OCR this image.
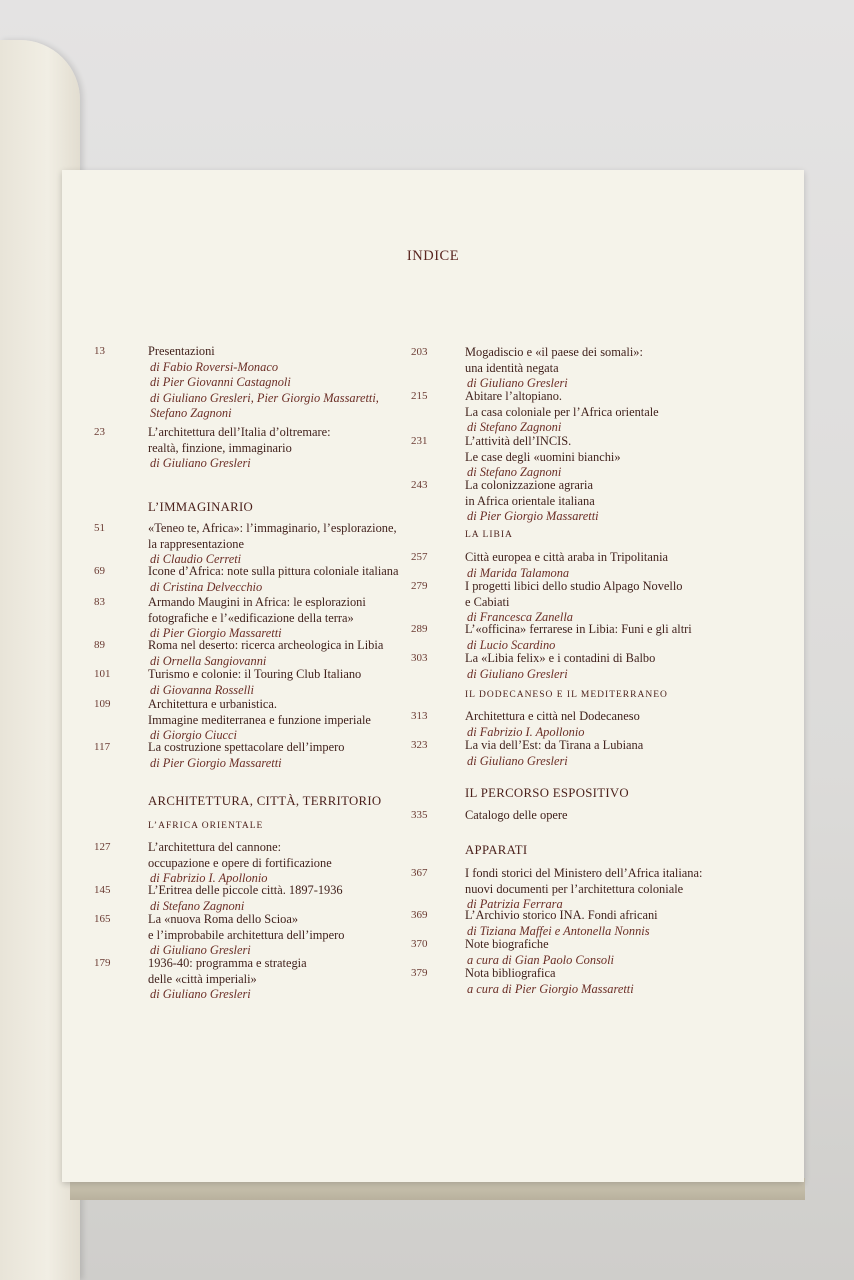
INDICE
L’IMMAGINARIO
ARCHITETTURA, CITTÀ, TERRITORIO
L’AFRICA ORIENTALE
LA LIBIA
IL DODECANESO E IL MEDITERRANEO
IL PERCORSO ESPOSITIVO
APPARATI
13	Presentazioni
di Fabio Roversi-Monaco
di Pier Giovanni Castagnoli
di Giuliano Gresleri, Pier Giorgio Massaretti,
Stefano Zagnoni
23	L’architettura dell’Italia d’oltremare:
realtà, finzione, immaginario
di Giuliano Gresleri
51	«Teneo te, Africa»: l’immaginario, l’esplorazione,
la rappresentazione
di Claudio Cerreti
69	Icone d’Africa: note sulla pittura coloniale italiana
di Cristina Delvecchio
83	Armando Maugini in Africa: le esplorazioni
fotografiche e l’«edificazione della terra»
di Pier Giorgio Massaretti
89	Roma nel deserto: ricerca archeologica in Libia
di Ornella Sangiovanni
101	Turismo e colonie: il Touring Club Italiano
di Giovanna Rosselli
109	Architettura e urbanistica.
Immagine mediterranea e funzione imperiale
di Giorgio Ciucci
117	La costruzione spettacolare dell’impero
di Pier Giorgio Massaretti
127	L’architettura del cannone:
occupazione e opere di fortificazione
di Fabrizio I. Apollonio
145	L’Eritrea delle piccole città. 1897-1936
di Stefano Zagnoni
165	La «nuova Roma dello Scioa»
e l’improbabile architettura dell’impero
di Giuliano Gresleri
179	1936-40: programma e strategia
delle «città imperiali»
di Giuliano Gresleri
203	Mogadiscio e «il paese dei somali»:
una identità negata
di Giuliano Gresleri
215	Abitare l’altopiano.
La casa coloniale per l’Africa orientale
di Stefano Zagnoni
231	L’attività dell’INCIS.
Le case degli «uomini bianchi»
di Stefano Zagnoni
243	La colonizzazione agraria
in Africa orientale italiana
di Pier Giorgio Massaretti
257	Città europea e città araba in Tripolitania
di Marida Talamona
279	I progetti libici dello studio Alpago Novello
e Cabiati
di Francesca Zanella
289	L’«officina» ferrarese in Libia: Funi e gli altri
di Lucio Scardino
303	La «Libia felix» e i contadini di Balbo
di Giuliano Gresleri
313	Architettura e città nel Dodecaneso
di Fabrizio I. Apollonio
323	La via dell’Est: da Tirana a Lubiana
di Giuliano Gresleri
335	Catalogo delle opere
367	I fondi storici del Ministero dell’Africa italiana:
nuovi documenti per l’architettura coloniale
di Patrizia Ferrara
369	L’Archivio storico INA. Fondi africani
di Tiziana Maffei e Antonella Nonnis
370	Note biografiche
a cura di Gian Paolo Consoli
379	Nota bibliografica
a cura di Pier Giorgio Massaretti
